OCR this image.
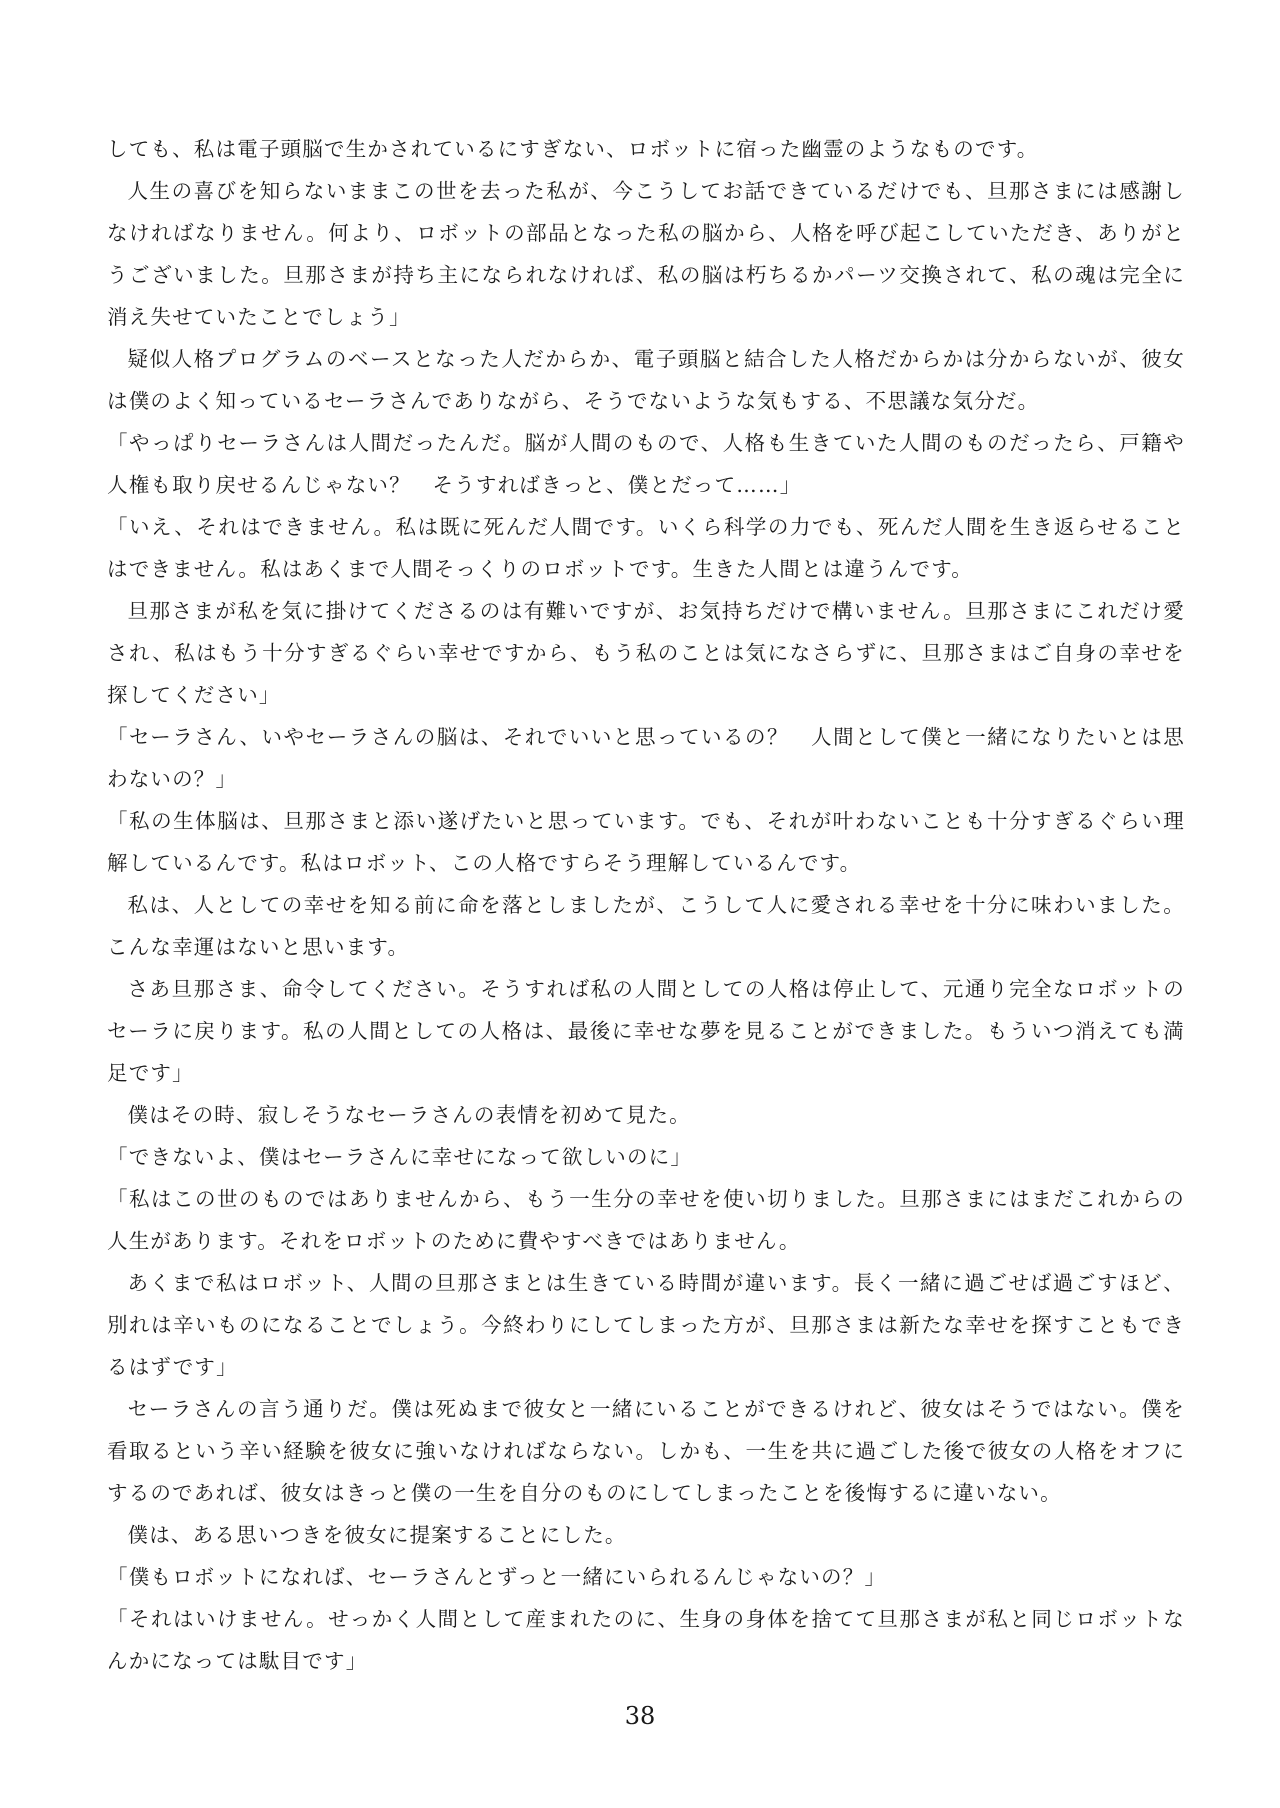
しても、私は電子頭脳で生かされているにすぎない、ロボットに宿った幽霊のようなものです。

人生の喜びを知らないままこの世を去った私が、今こうしてお話できているだけでも、旦那さまには感謝しなければなりません。何より、ロボットの部品となった私の脳から、人格を呼び起こしていただき、ありがとうございました。旦那さまが持ち主になられなければ、私の脳は朽ちるかパーツ交換されて、私の魂は完全に消え失せていたことでしょう」

疑似人格プログラムのベースとなった人だからか、電子頭脳と結合した人格だからかは分からないが、彼女は僕のよく知っているセーラさんでありながら、そうでないような気もする、不思議な気分だ。

「やっぱりセーラさんは人間だったんだ。脳が人間のもので、人格も生きていた人間のものだったら、戸籍や人権も取り戻せるんじゃない？　そうすればきっと、僕とだって……」

「いえ、それはできません。私は既に死んだ人間です。いくら科学の力でも、死んだ人間を生き返らせることはできません。私はあくまで人間そっくりのロボットです。生きた人間とは違うんです。

旦那さまが私を気に掛けてくださるのは有難いですが、お気持ちだけで構いません。旦那さまにこれだけ愛され、私はもう十分すぎるぐらい幸せですから、もう私のことは気になさらずに、旦那さまはご自身の幸せを探してください」

「セーラさん、いやセーラさんの脳は、それでいいと思っているの？　人間として僕と一緒になりたいとは思わないの？」

「私の生体脳は、旦那さまと添い遂げたいと思っています。でも、それが叶わないことも十分すぎるぐらい理解しているんです。私はロボット、この人格ですらそう理解しているんです。

私は、人としての幸せを知る前に命を落としましたが、こうして人に愛される幸せを十分に味わいました。こんな幸運はないと思います。

さあ旦那さま、命令してください。そうすれば私の人間としての人格は停止して、元通り完全なロボットのセーラに戻ります。私の人間としての人格は、最後に幸せな夢を見ることができました。もういつ消えても満足です」

僕はその時、寂しそうなセーラさんの表情を初めて見た。

「できないよ、僕はセーラさんに幸せになって欲しいのに」

「私はこの世のものではありませんから、もう一生分の幸せを使い切りました。旦那さまにはまだこれからの人生があります。それをロボットのために費やすべきではありません。

あくまで私はロボット、人間の旦那さまとは生きている時間が違います。長く一緒に過ごせば過ごすほど、別れは辛いものになることでしょう。今終わりにしてしまった方が、旦那さまは新たな幸せを探すこともできるはずです」

セーラさんの言う通りだ。僕は死ぬまで彼女と一緒にいることができるけれど、彼女はそうではない。僕を看取るという辛い経験を彼女に強いなければならない。しかも、一生を共に過ごした後で彼女の人格をオフにするのであれば、彼女はきっと僕の一生を自分のものにしてしまったことを後悔するに違いない。

僕は、ある思いつきを彼女に提案することにした。

「僕もロボットになれば、セーラさんとずっと一緒にいられるんじゃないの？」

「それはいけません。せっかく人間として産まれたのに、生身の身体を捨てて旦那さまが私と同じロボットなんかになっては駄目です」

38
